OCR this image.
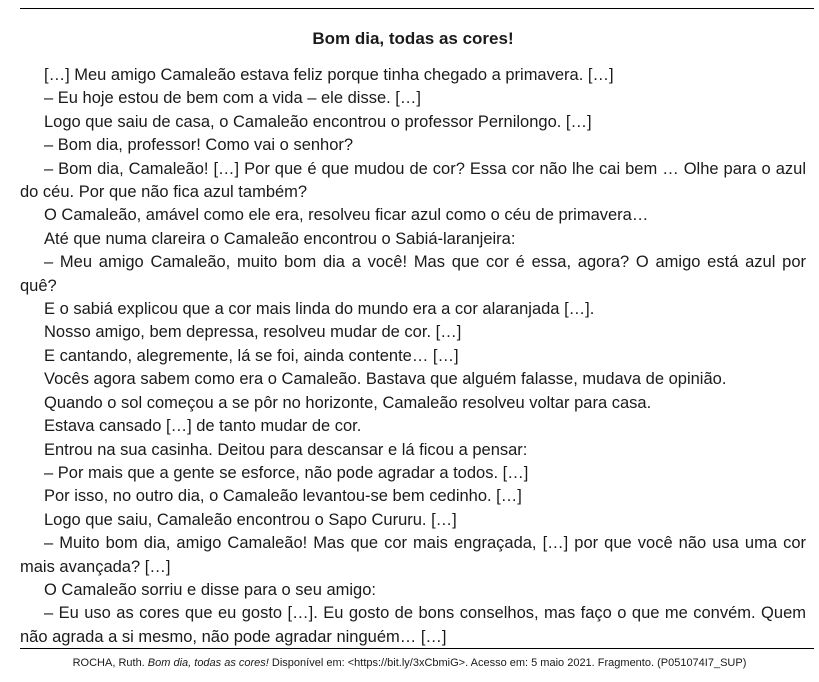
Bom dia, todas as cores!

[…] Meu amigo Camaleão estava feliz porque tinha chegado a primavera. […]

– Eu hoje estou de bem com a vida – ele disse. […]

Logo que saiu de casa, o Camaleão encontrou o professor Pernilongo. […]

– Bom dia, professor! Como vai o senhor?

– Bom dia, Camaleão! […] Por que é que mudou de cor? Essa cor não lhe cai bem … Olhe para o azul do céu. Por que não fica azul também?

O Camaleão, amável como ele era, resolveu ficar azul como o céu de primavera…

Até que numa clareira o Camaleão encontrou o Sabiá-laranjeira:

– Meu amigo Camaleão, muito bom dia a você! Mas que cor é essa, agora? O amigo está azul por quê?

E o sabiá explicou que a cor mais linda do mundo era a cor alaranjada […].

Nosso amigo, bem depressa, resolveu mudar de cor. […]

E cantando, alegremente, lá se foi, ainda contente… […]

Vocês agora sabem como era o Camaleão. Bastava que alguém falasse, mudava de opinião.

Quando o sol começou a se pôr no horizonte, Camaleão resolveu voltar para casa.

Estava cansado […] de tanto mudar de cor.

Entrou na sua casinha. Deitou para descansar e lá ficou a pensar:

– Por mais que a gente se esforce, não pode agradar a todos. […]

Por isso, no outro dia, o Camaleão levantou-se bem cedinho. […]

Logo que saiu, Camaleão encontrou o Sapo Cururu. […]

– Muito bom dia, amigo Camaleão! Mas que cor mais engraçada, […] por que você não usa uma cor mais avançada? […]

O Camaleão sorriu e disse para o seu amigo:

– Eu uso as cores que eu gosto […]. Eu gosto de bons conselhos, mas faço o que me convém. Quem não agrada a si mesmo, não pode agradar ninguém… […]

ROCHA, Ruth. Bom dia, todas as cores! Disponível em: <https://bit.ly/3xCbmiG>. Acesso em: 5 maio 2021. Fragmento. (P051074I7_SUP)
